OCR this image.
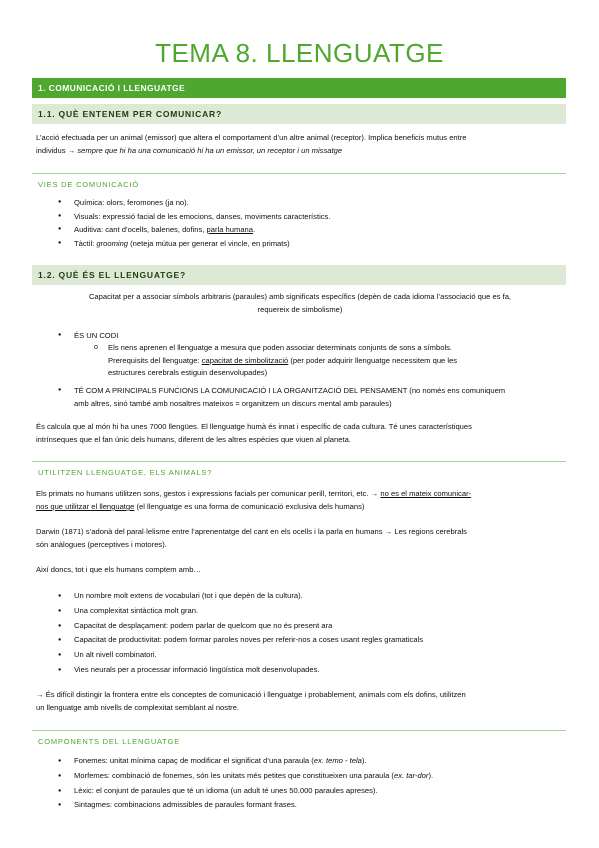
TEMA 8. LLENGUATGE
1. COMUNICACIÓ I LLENGUATGE
1.1. QUÈ ENTENEM PER COMUNICAR?
L’acció efectuada per un animal (emissor) que altera el comportament d’un altre animal (receptor). Implica beneficis mutus entre
individus → sempre que hi ha una comunicació hi ha un emissor, un receptor i un missatge
VIES DE COMUNICACIÓ
● Química: olors, feromones (ja no).
● Visuals: expressió facial de les emocions, danses, moviments característics.
● Auditiva: cant d’ocells, balenes, dofins, parla humana.
● Tàctil: grooming (neteja mútua per generar el vincle, en primats)
1.2. QUÈ ÉS EL LLENGUATGE?
Capacitat per a associar símbols arbitraris (paraules) amb significats específics (depèn de cada idioma l’associació que es fa,
requereix de simbolisme)
● ÉS UN CODI
o Els nens aprenen el llenguatge a mesura que poden associar determinats conjunts de sons a símbols.
Prerequisits del llenguatge: capacitat de simbolització (per poder adquirir llenguatge necessitem que les
estructures cerebrals estiguin desenvolupades)
● TÉ COM A PRINCIPALS FUNCIONS LA COMUNICACIÓ I LA ORGANITZACIÓ DEL PENSAMENT (no només ens comuniquem
amb altres, sinó també amb nosaltres mateixos = organitzem un discurs mental amb paraules)
És calcula que al món hi ha unes 7000 llengües. El llenguatge humà és innat i específic de cada cultura. Té unes característiques
intrínseques que el fan únic dels humans, diferent de les altres espècies que viuen al planeta.
UTILITZEN LLENGUATGE, ELS ANIMALS?
Els primats no humans utilitzen sons, gestos i expressions facials per comunicar perill, territori, etc. → no es el mateix comunicar-
nos que utilitzar el llenguatge (el llenguatge es una forma de comunicació exclusiva dels humans)
Darwin (1871) s’adonà del paral·lelisme entre l’aprenentatge del cant en els ocells i la parla en humans → Les regions cerebrals
són anàlogues (perceptives i motores).
Així doncs, tot i que els humans comptem amb…
● Un nombre molt extens de vocabulari (tot i que depèn de la cultura).
● Una complexitat sintàctica molt gran.
● Capacitat de desplaçament: podem parlar de quelcom que no és present ara
● Capacitat de productivitat: podem formar paroles noves per referir-nos a coses usant regles gramaticals
● Un alt nivell combinatori.
● Vies neurals per a processar informació lingüística molt desenvolupades.
→ És difícil distingir la frontera entre els conceptes de comunicació i llenguatge i probablement, animals com els dofins, utilitzen
un llenguatge amb nivells de complexitat semblant al nostre.
COMPONENTS DEL LLENGUATGE
● Fonemes: unitat mínima capaç de modificar el significat d’una paraula (ex. temo - tela).
● Morfemes: combinació de fonemes, són les unitats més petites que constitueixen una paraula (ex. tar-dor).
● Lèxic: el conjunt de paraules que té un idioma (un adult té unes 50.000 paraules apreses).
● Sintagmes: combinacions admissibles de paraules formant frases.
